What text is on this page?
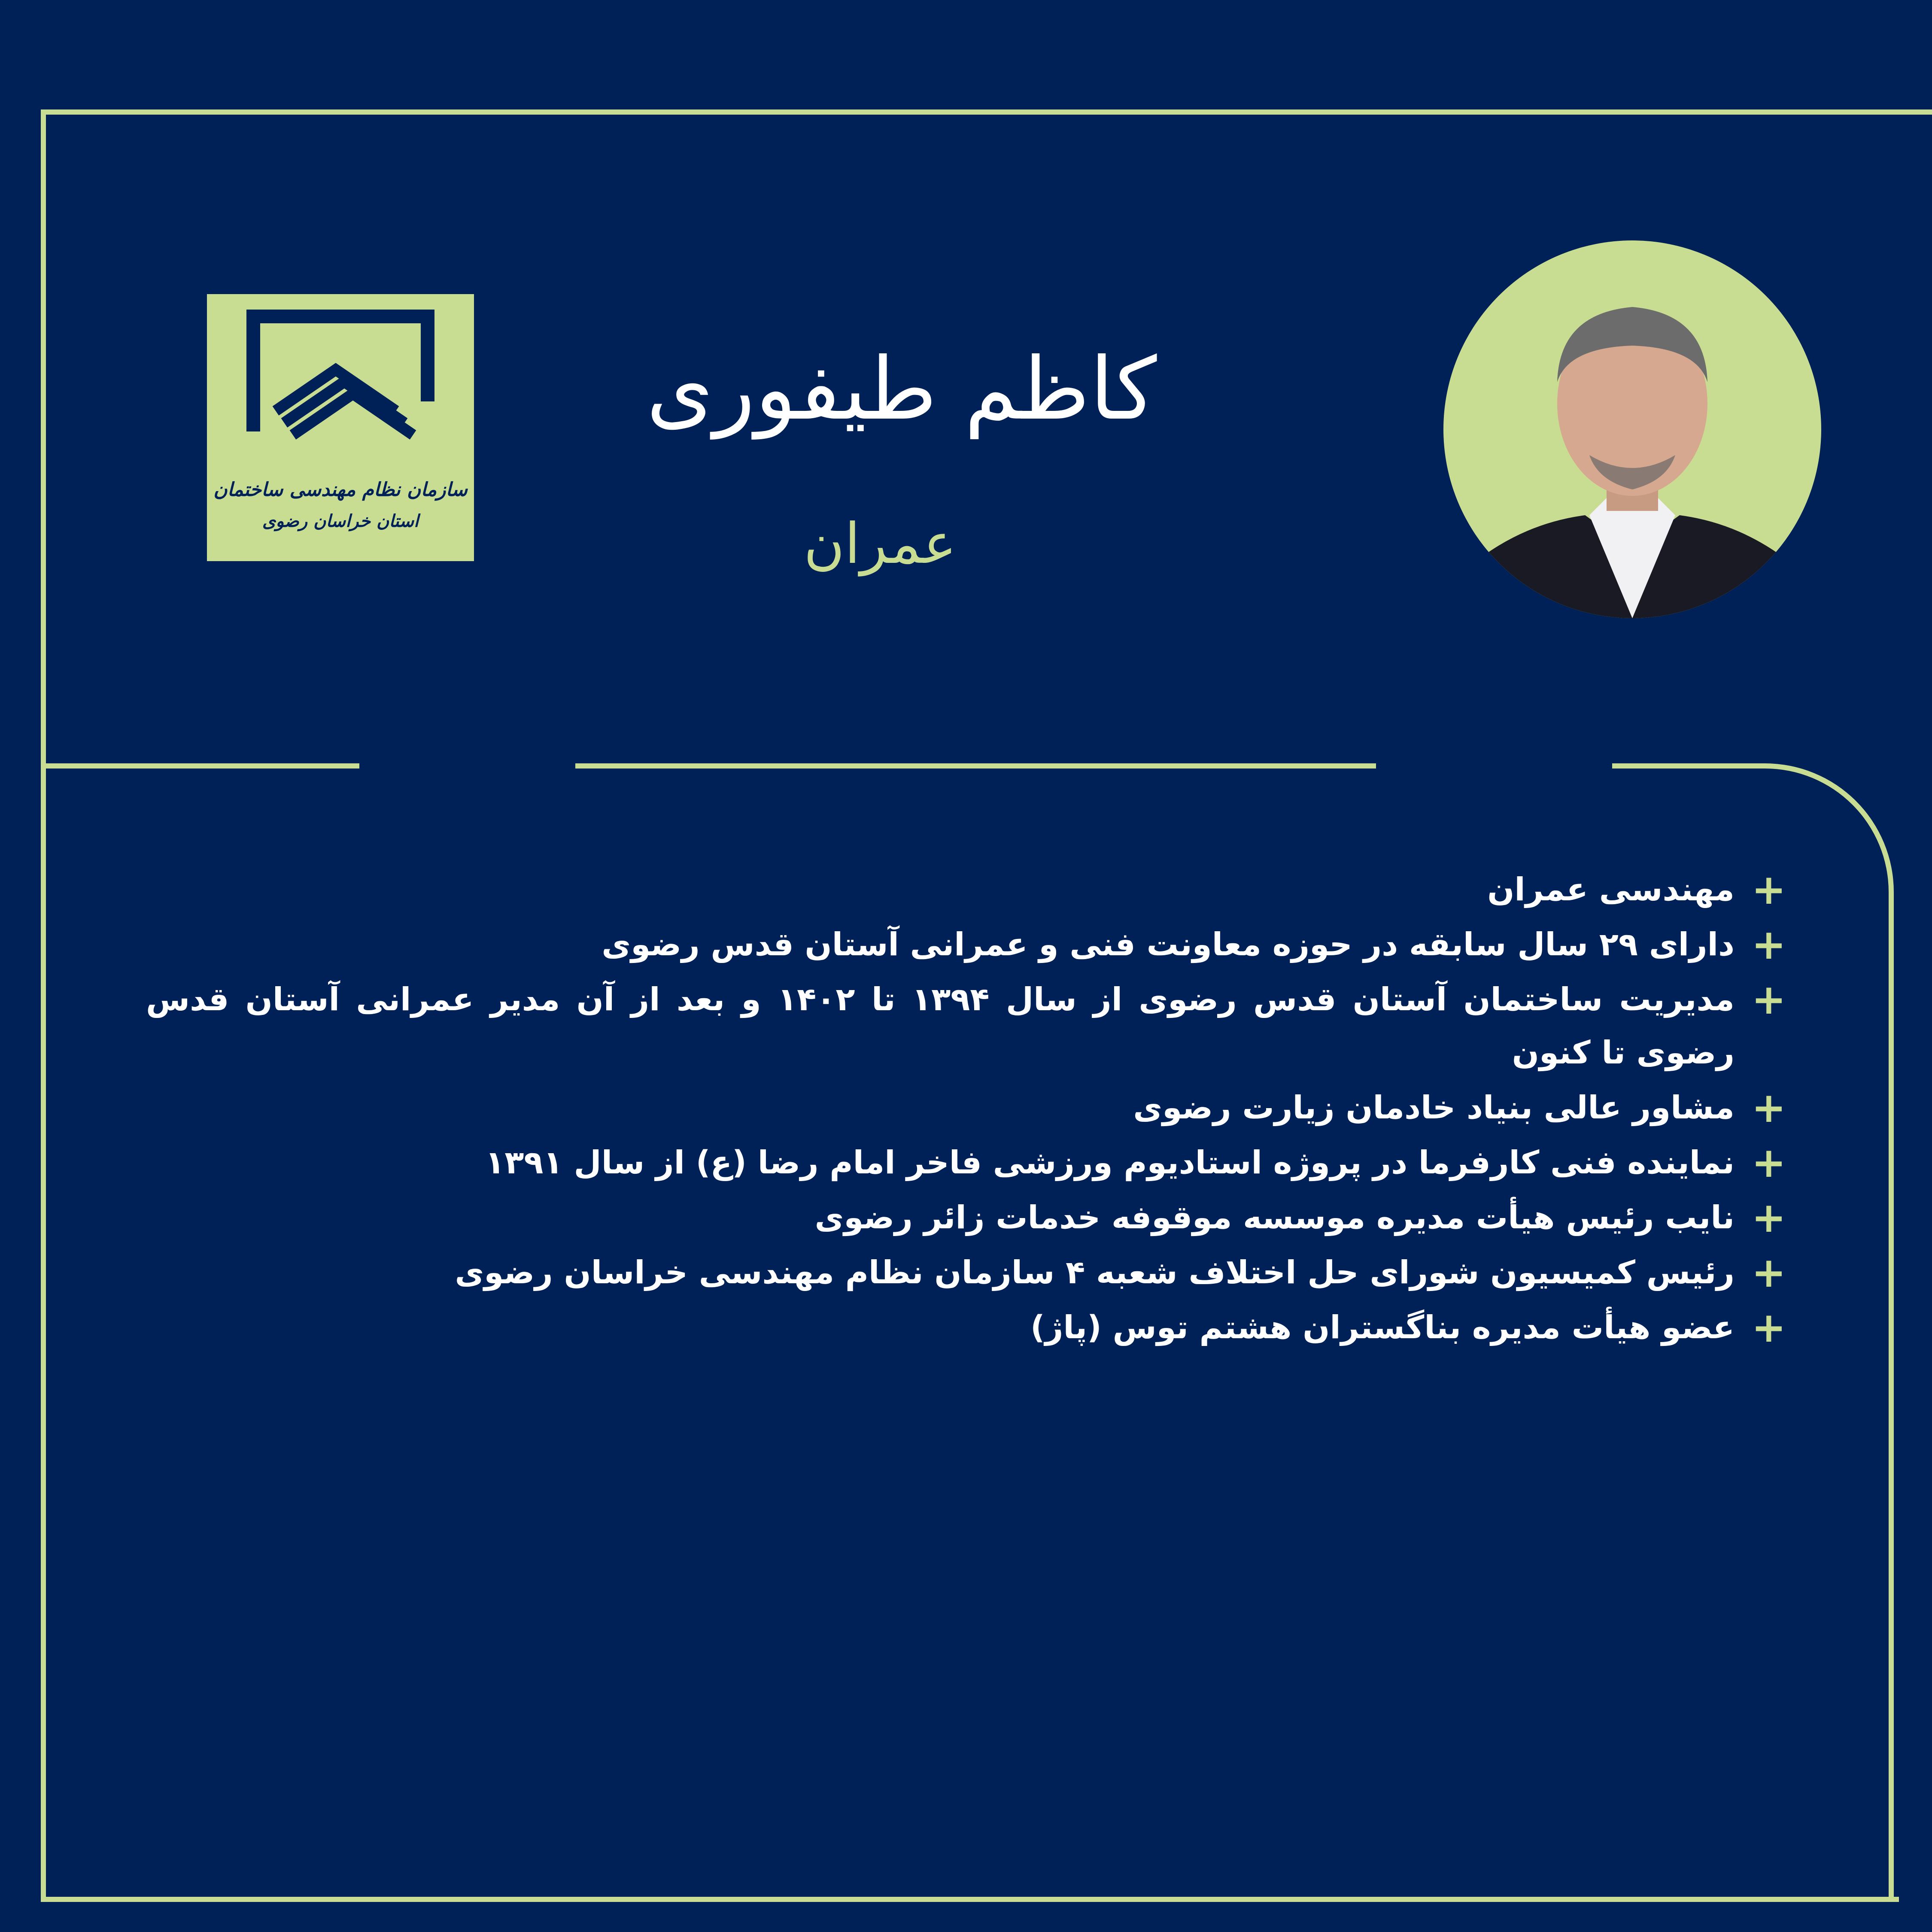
سازمان نظام مهندسی ساختمان
استان خراسان رضوی
کاظم طیفوری
عمران
+
مهندسی عمران
+
دارای ۲۹ سال سابقه در حوزه معاونت فنی و عمرانی آستان قدس رضوی
+
مدیریت ساختمان آستان قدس رضوی از سال ۱۳۹۴ تا ۱۴۰۲ و بعد از آن مدیر عمرانی آستان قدس رضوی تا کنون
+
مشاور عالی بنیاد خادمان زیارت رضوی
+
نماینده فنی کارفرما در پروژه استادیوم ورزشی فاخر امام رضا (ع) از سال ۱۳۹۱
+
نایب رئیس هیأت مدیره موسسه موقوفه خدمات زائر رضوی
+
رئیس کمیسیون شورای حل اختلاف شعبه ۴ سازمان نظام مهندسی خراسان رضوی
+
عضو هیأت مدیره بناگستران هشتم توس (پاژ)
